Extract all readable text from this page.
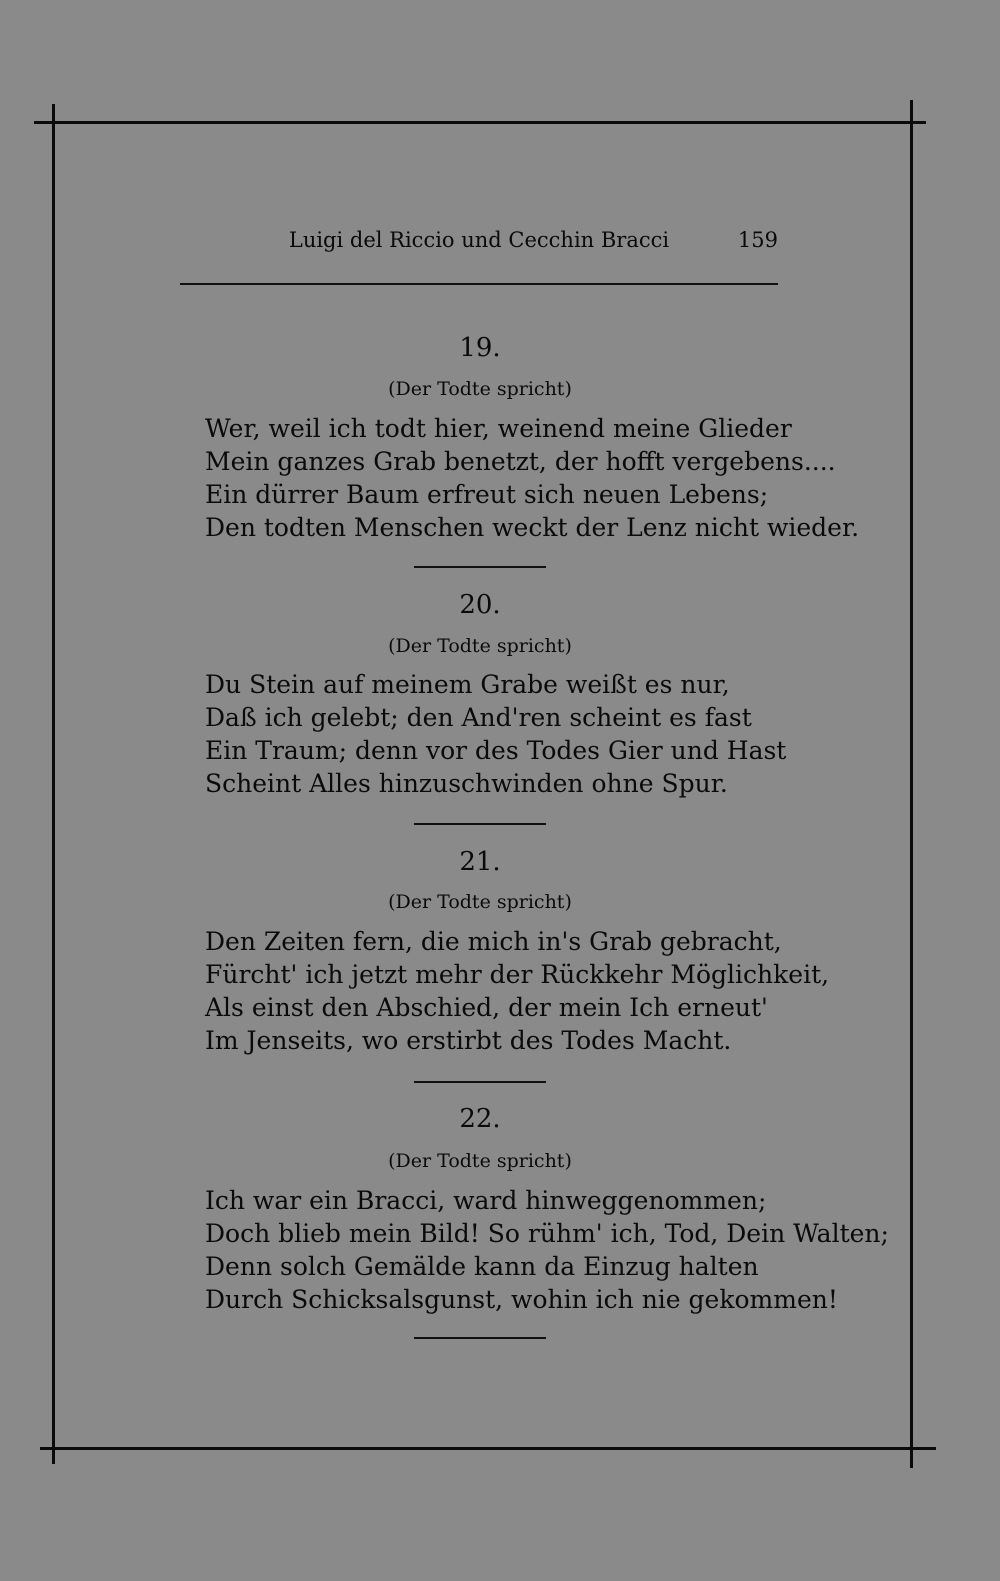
Luigi del Riccio und Cecchin Bracci	159
19.
(Der Todte spricht)
Wer, weil ich todt hier, weinend meine Glieder
Mein ganzes Grab benetzt, der hofft vergebens....
Ein dürrer Baum erfreut sich neuen Lebens;
Den todten Menschen weckt der Lenz nicht wieder.
20.
(Der Todte spricht)
Du Stein auf meinem Grabe weißt es nur,
Daß ich gelebt; den And'ren scheint es fast
Ein Traum; denn vor des Todes Gier und Hast
Scheint Alles hinzuschwinden ohne Spur.
21.
(Der Todte spricht)
Den Zeiten fern, die mich in's Grab gebracht,
Fürcht' ich jetzt mehr der Rückkehr Möglichkeit,
Als einst den Abschied, der mein Ich erneut'
Im Jenseits, wo erstirbt des Todes Macht.
22.
(Der Todte spricht)
Ich war ein Bracci, ward hinweggenommen;
Doch blieb mein Bild! So rühm' ich, Tod, Dein Walten;
Denn solch Gemälde kann da Einzug halten
Durch Schicksalsgunst, wohin ich nie gekommen!
